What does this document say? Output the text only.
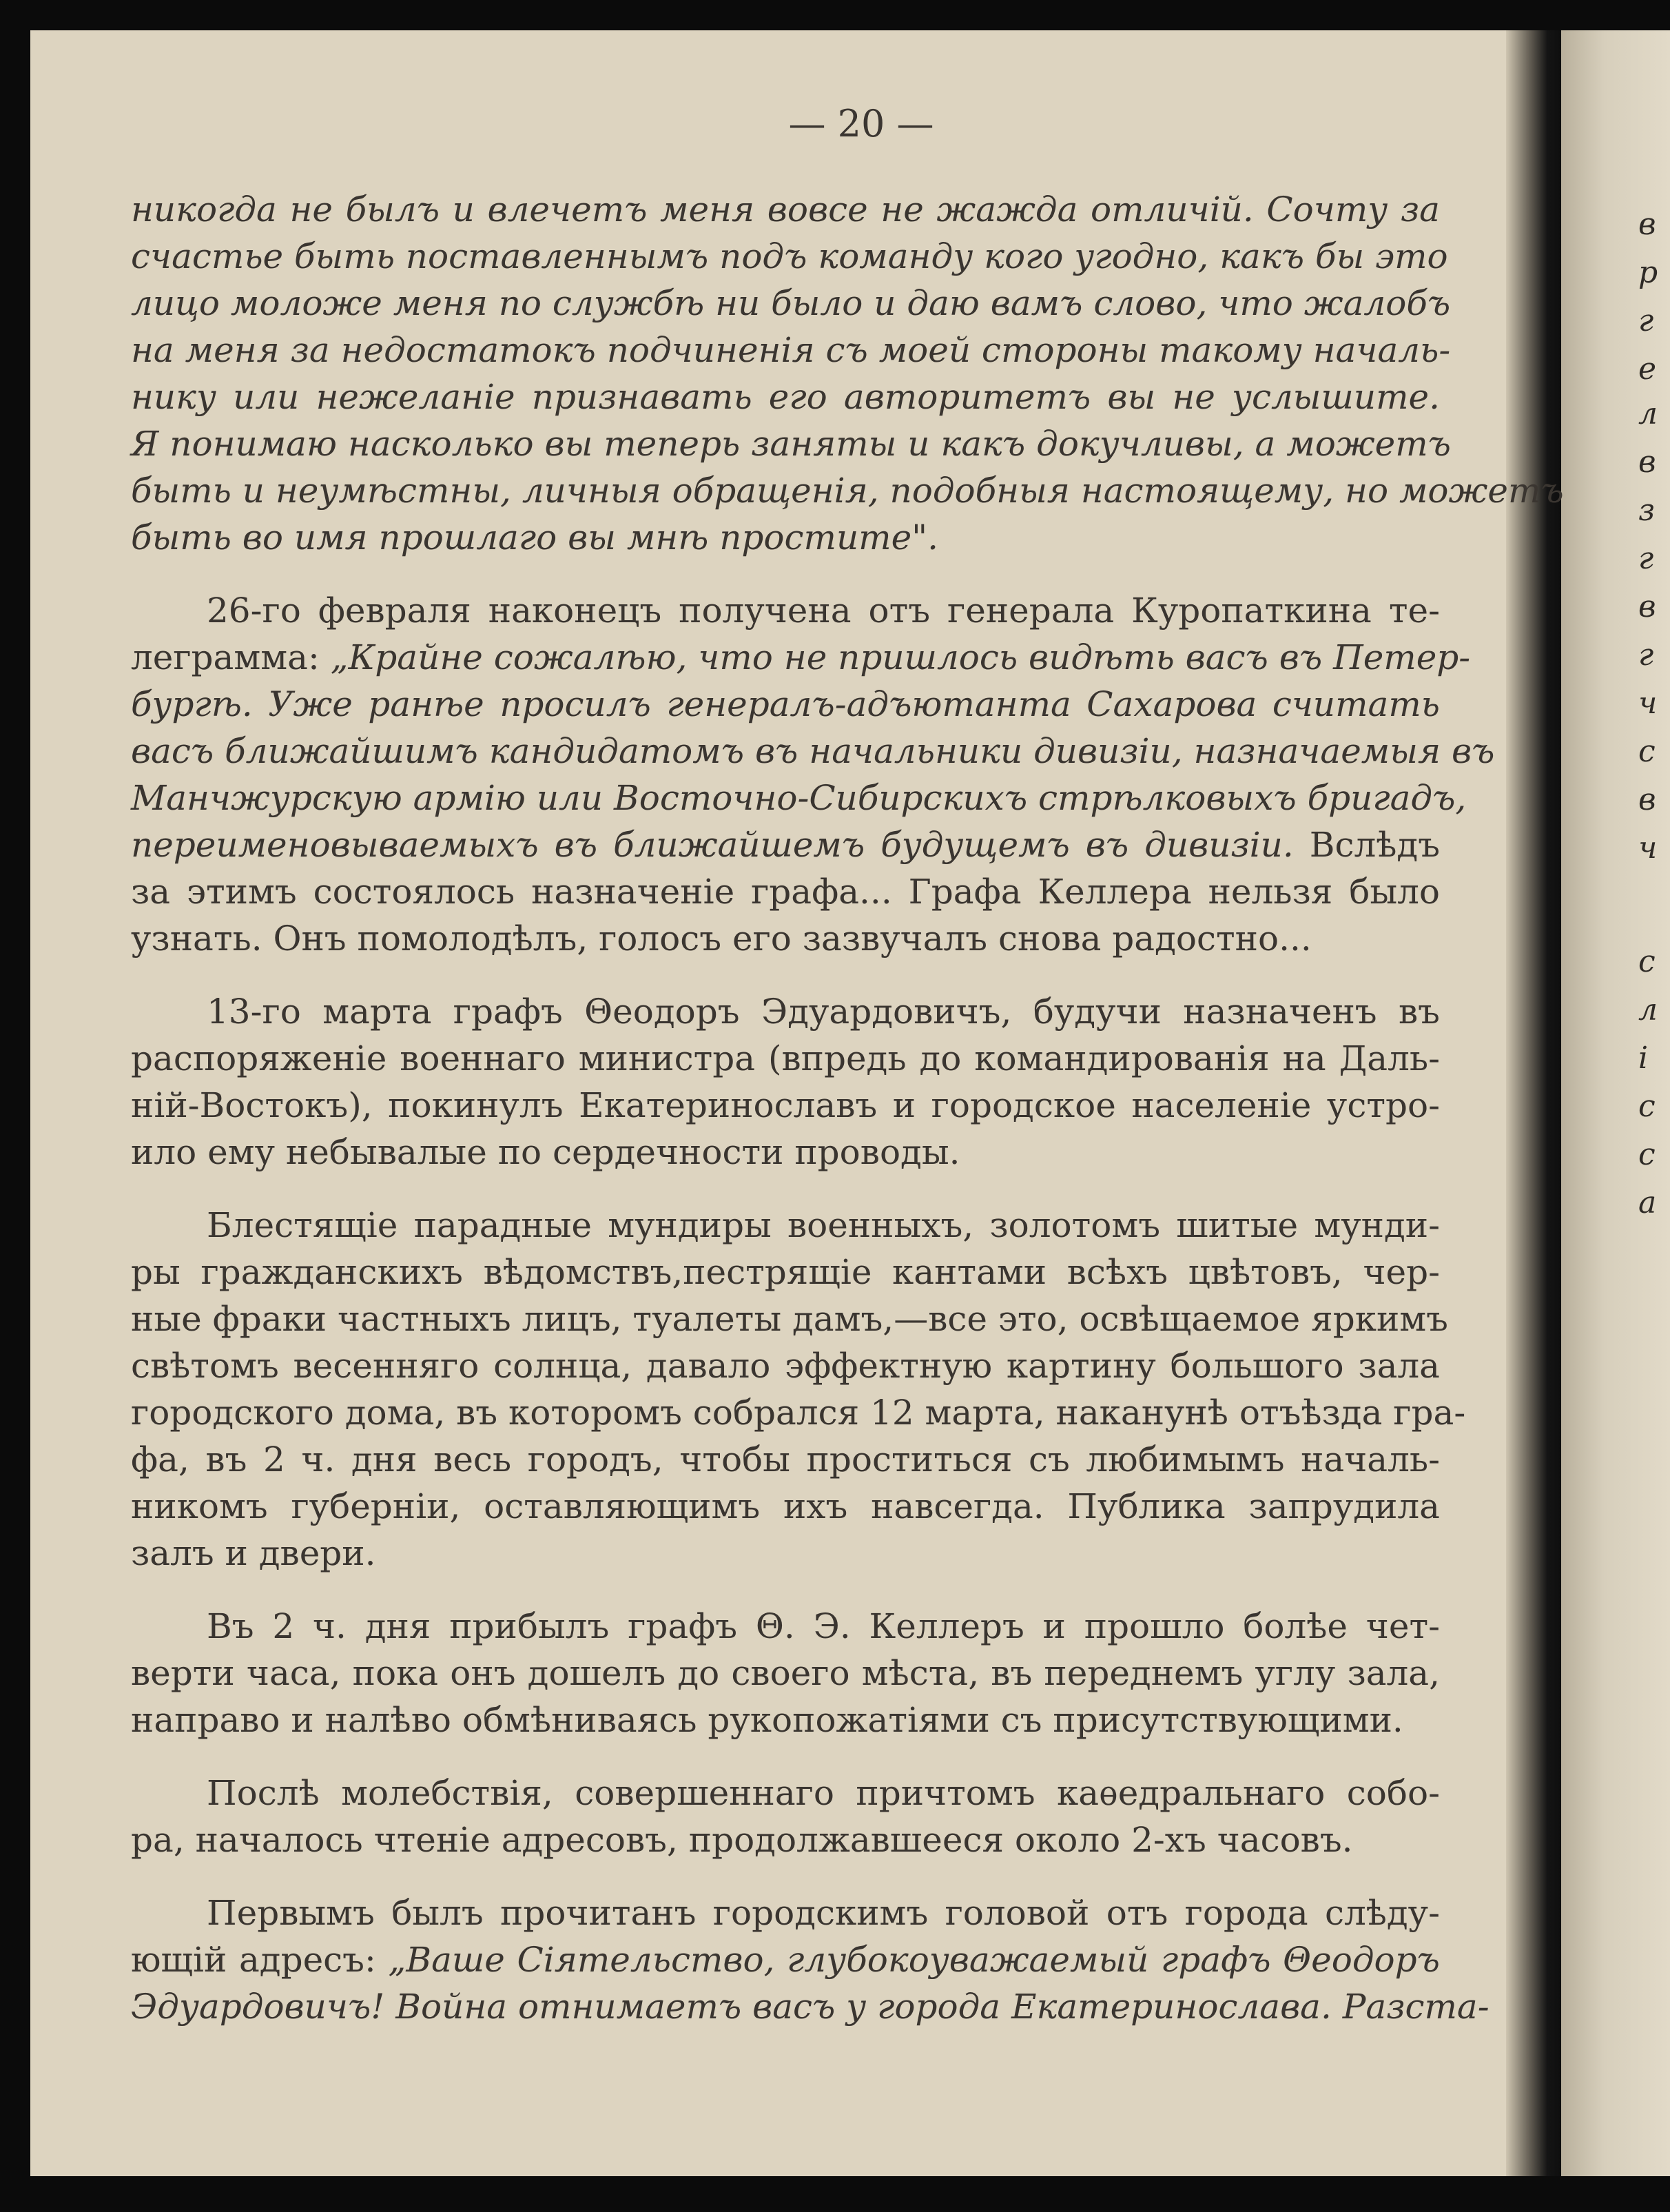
— 20 —
никогда не былъ и влечетъ меня вовсе не жажда отличій. Сочту за
счастье быть поставленнымъ подъ команду кого угодно, какъ бы это
лицо моложе меня по службѣ ни было и даю вамъ слово, что жалобъ
на меня за недостатокъ подчиненія съ моей стороны такому началь-
нику или нежеланіе признавать его авторитетъ вы не услышите.
Я понимаю насколько вы теперь заняты и какъ докучливы, а можетъ
быть и неумѣстны, личныя обращенія, подобныя настоящему, но можетъ
быть во имя прошлаго вы мнѣ простите".
26-го февраля наконецъ получена отъ генерала Куропаткина те-
леграмма: „Крайне сожалѣю, что не пришлось видѣть васъ въ Петер-
бургѣ. Уже ранѣе просилъ генералъ-адъютанта Сахарова считать
васъ ближайшимъ кандидатомъ въ начальники дивизіи, назначаемыя въ
Манчжурскую армію или Восточно-Сибирскихъ стрѣлковыхъ бригадъ,
переименовываемыхъ въ ближайшемъ будущемъ въ дивизіи. Вслѣдъ
за этимъ состоялось назначеніе графа... Графа Келлера нельзя было
узнать. Онъ помолодѣлъ, голосъ его зазвучалъ снова радостно...
13-го марта графъ Θеодоръ Эдуардовичъ, будучи назначенъ въ
распоряженіе военнаго министра (впредь до командированія на Даль-
ній-Востокъ), покинулъ Екатеринославъ и городское населеніе устро-
ило ему небывалые по сердечности проводы.
Блестящіе парадные мундиры военныхъ, золотомъ шитые мунди-
ры гражданскихъ вѣдомствъ,пестрящіе кантами всѣхъ цвѣтовъ, чер-
ные фраки частныхъ лицъ, туалеты дамъ,—все это, освѣщаемое яркимъ
свѣтомъ весенняго солнца, давало эффектную картину большого зала
городского дома, въ которомъ собрался 12 марта, наканунѣ отъѣзда гра-
фа, въ 2 ч. дня весь городъ, чтобы проститься съ любимымъ началь-
никомъ губерніи, оставляющимъ ихъ навсегда. Публика запрудила
залъ и двери.
Въ 2 ч. дня прибылъ графъ Θ. Э. Келлеръ и прошло болѣе чет-
верти часа, пока онъ дошелъ до своего мѣста, въ переднемъ углу зала,
направо и налѣво обмѣниваясь рукопожатіями съ присутствующими.
Послѣ молебствія, совершеннаго причтомъ каѳедральнаго собо-
ра, началось чтеніе адресовъ, продолжавшееся около 2-хъ часовъ.
Первымъ былъ прочитанъ городскимъ головой отъ города слѣду-
ющій адресъ: „Ваше Сіятельство, глубокоуважаемый графъ Θеодоръ
Эдуардовичъ! Война отнимаетъ васъ у города Екатеринослава. Разста-
в
р
г
е
л
в
з
г
в
г
ч
с
в
ч
с
л
і
с
с
а
